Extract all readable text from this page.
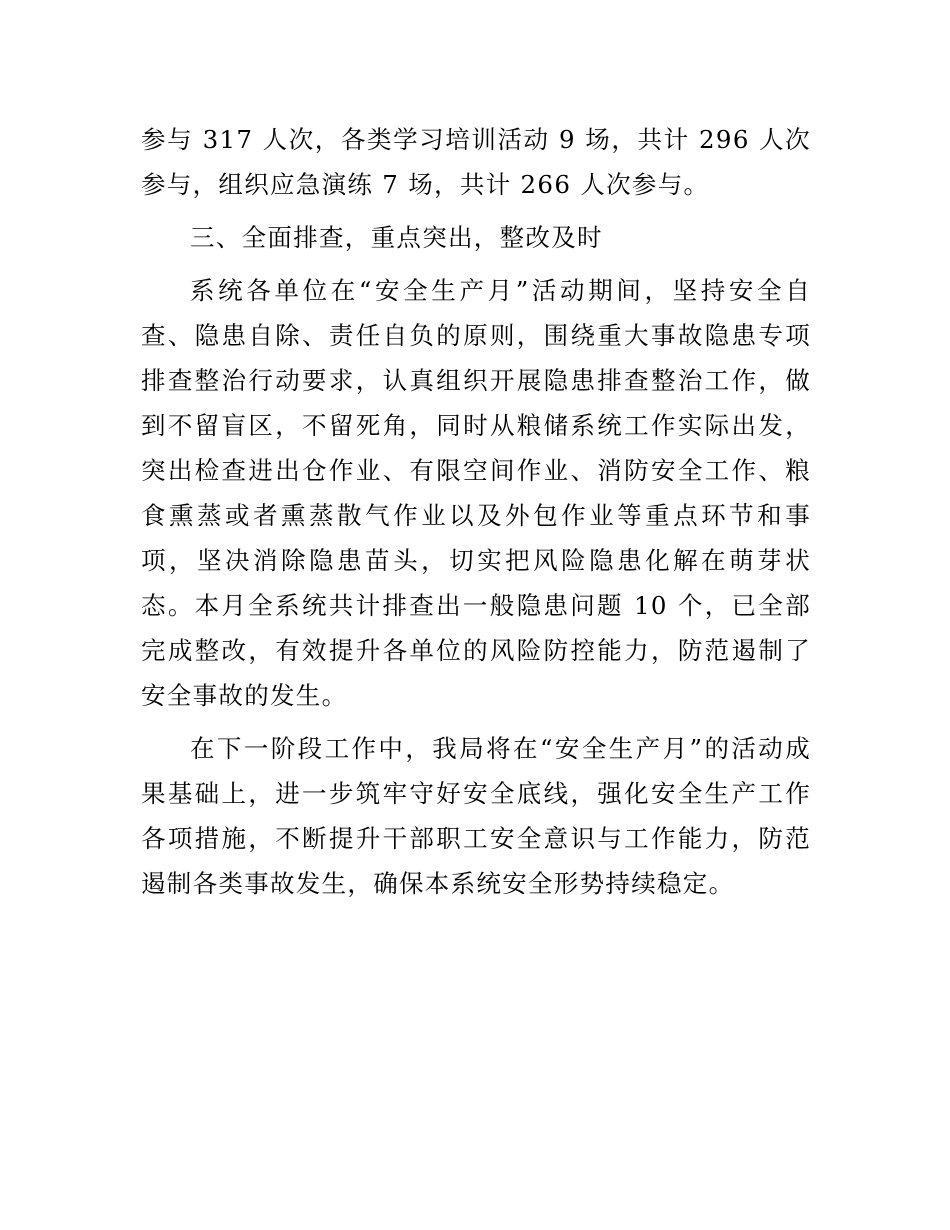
参与 317 人次，各类学习培训活动 9 场，共计 296 人次参与，组织应急演练 7 场，共计 266 人次参与。

三、全面排查，重点突出，整改及时

系统各单位在“安全生产月”活动期间，坚持安全自查、隐患自除、责任自负的原则，围绕重大事故隐患专项排查整治行动要求，认真组织开展隐患排查整治工作，做到不留盲区，不留死角，同时从粮储系统工作实际出发，突出检查进出仓作业、有限空间作业、消防安全工作、粮食熏蒸或者熏蒸散气作业以及外包作业等重点环节和事项，坚决消除隐患苗头，切实把风险隐患化解在萌芽状态。本月全系统共计排查出一般隐患问题 10 个，已全部完成整改，有效提升各单位的风险防控能力，防范遏制了安全事故的发生。

在下一阶段工作中，我局将在“安全生产月”的活动成果基础上，进一步筑牢守好安全底线，强化安全生产工作各项措施，不断提升干部职工安全意识与工作能力，防范遏制各类事故发生，确保本系统安全形势持续稳定。
